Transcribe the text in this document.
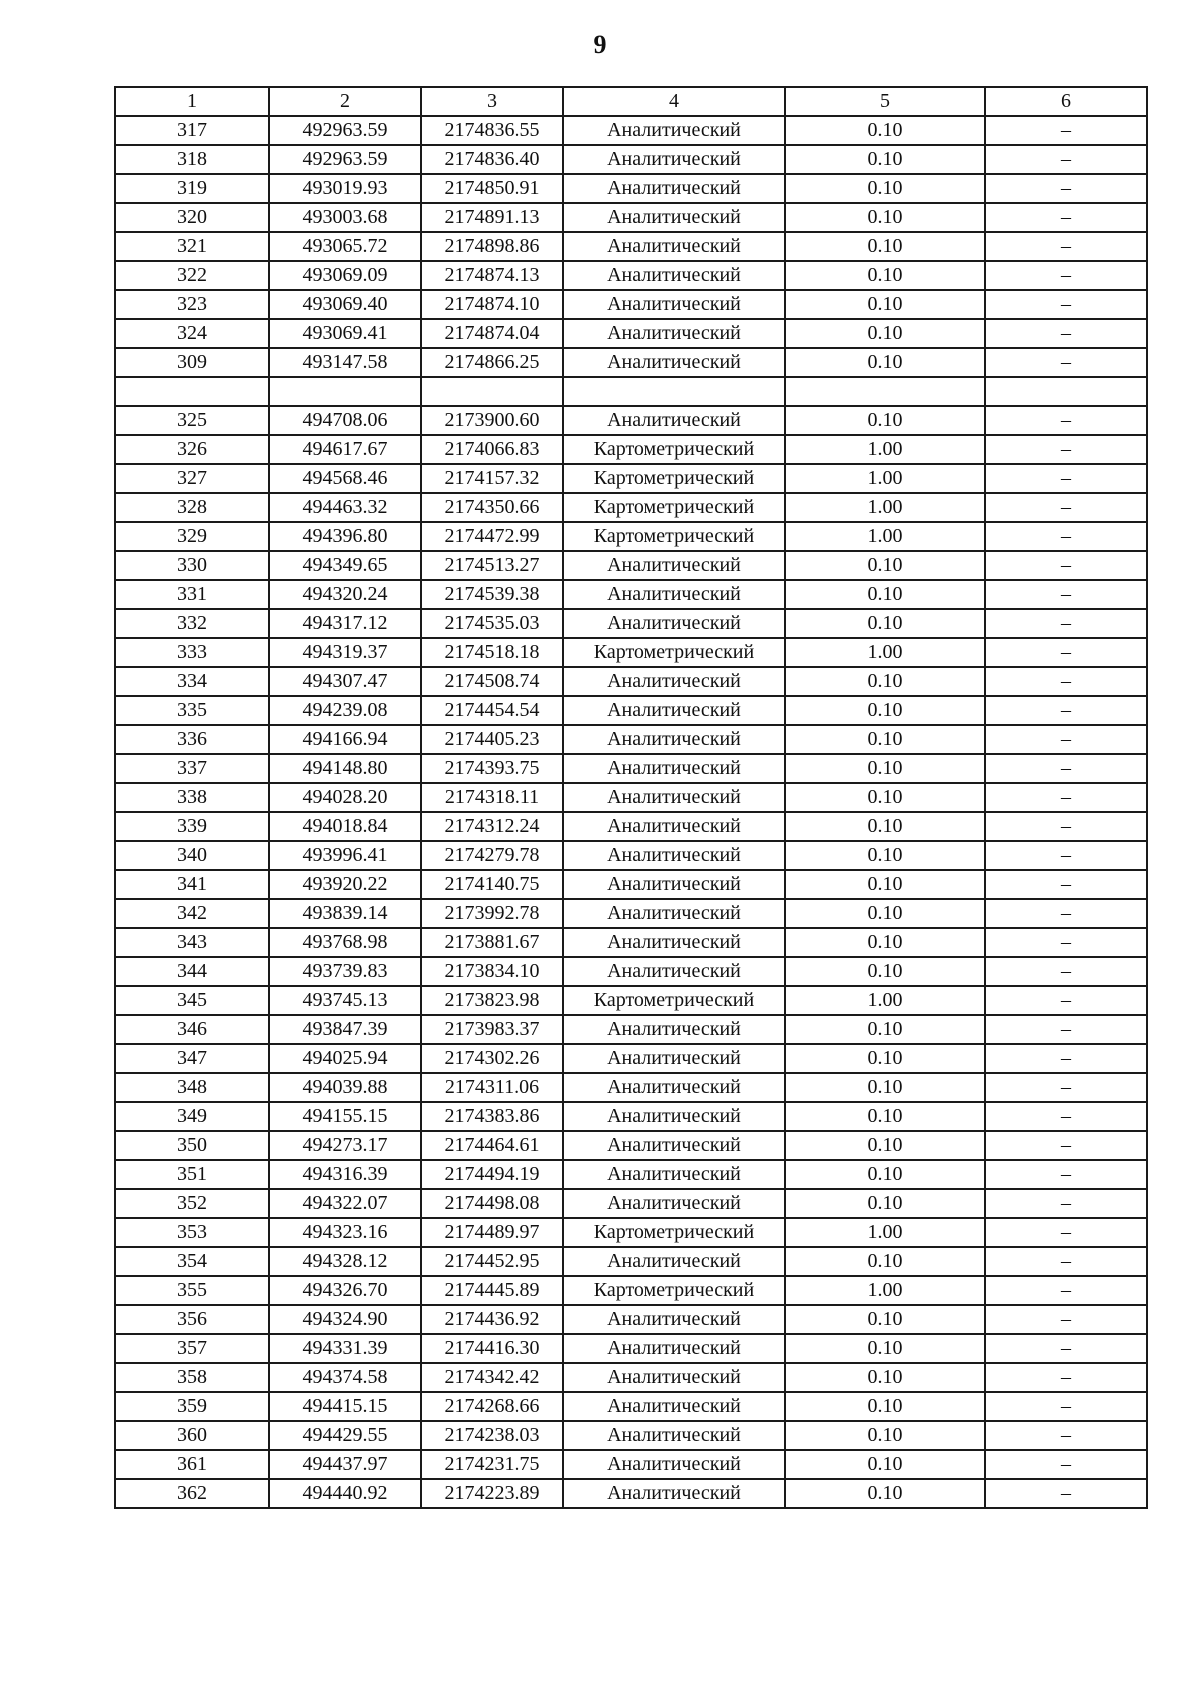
9
1	2	3	4	5	6
317	492963.59	2174836.55	Аналитический	0.10	–
318	492963.59	2174836.40	Аналитический	0.10	–
319	493019.93	2174850.91	Аналитический	0.10	–
320	493003.68	2174891.13	Аналитический	0.10	–
321	493065.72	2174898.86	Аналитический	0.10	–
322	493069.09	2174874.13	Аналитический	0.10	–
323	493069.40	2174874.10	Аналитический	0.10	–
324	493069.41	2174874.04	Аналитический	0.10	–
309	493147.58	2174866.25	Аналитический	0.10	–

325	494708.06	2173900.60	Аналитический	0.10	–
326	494617.67	2174066.83	Картометрический	1.00	–
327	494568.46	2174157.32	Картометрический	1.00	–
328	494463.32	2174350.66	Картометрический	1.00	–
329	494396.80	2174472.99	Картометрический	1.00	–
330	494349.65	2174513.27	Аналитический	0.10	–
331	494320.24	2174539.38	Аналитический	0.10	–
332	494317.12	2174535.03	Аналитический	0.10	–
333	494319.37	2174518.18	Картометрический	1.00	–
334	494307.47	2174508.74	Аналитический	0.10	–
335	494239.08	2174454.54	Аналитический	0.10	–
336	494166.94	2174405.23	Аналитический	0.10	–
337	494148.80	2174393.75	Аналитический	0.10	–
338	494028.20	2174318.11	Аналитический	0.10	–
339	494018.84	2174312.24	Аналитический	0.10	–
340	493996.41	2174279.78	Аналитический	0.10	–
341	493920.22	2174140.75	Аналитический	0.10	–
342	493839.14	2173992.78	Аналитический	0.10	–
343	493768.98	2173881.67	Аналитический	0.10	–
344	493739.83	2173834.10	Аналитический	0.10	–
345	493745.13	2173823.98	Картометрический	1.00	–
346	493847.39	2173983.37	Аналитический	0.10	–
347	494025.94	2174302.26	Аналитический	0.10	–
348	494039.88	2174311.06	Аналитический	0.10	–
349	494155.15	2174383.86	Аналитический	0.10	–
350	494273.17	2174464.61	Аналитический	0.10	–
351	494316.39	2174494.19	Аналитический	0.10	–
352	494322.07	2174498.08	Аналитический	0.10	–
353	494323.16	2174489.97	Картометрический	1.00	–
354	494328.12	2174452.95	Аналитический	0.10	–
355	494326.70	2174445.89	Картометрический	1.00	–
356	494324.90	2174436.92	Аналитический	0.10	–
357	494331.39	2174416.30	Аналитический	0.10	–
358	494374.58	2174342.42	Аналитический	0.10	–
359	494415.15	2174268.66	Аналитический	0.10	–
360	494429.55	2174238.03	Аналитический	0.10	–
361	494437.97	2174231.75	Аналитический	0.10	–
362	494440.92	2174223.89	Аналитический	0.10	–
